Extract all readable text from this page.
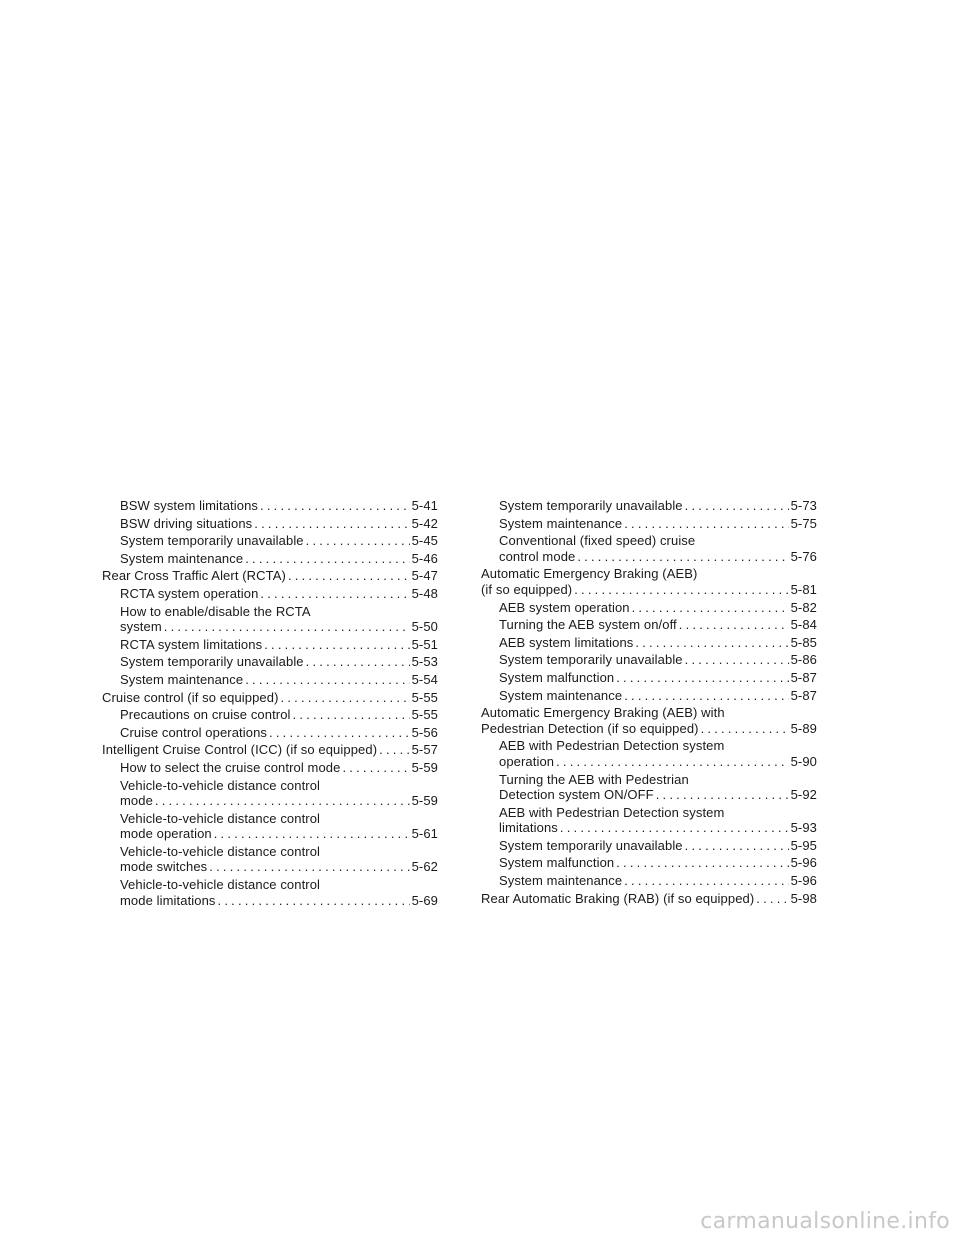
BSW system limitations .....	5-41
BSW driving situations .....	5-42
System temporarily unavailable .....	5-45
System maintenance .....	5-46
Rear Cross Traffic Alert (RCTA) .....	5-47
RCTA system operation .....	5-48
How to enable/disable the RCTA
system .....	5-50
RCTA system limitations .....	5-51
System temporarily unavailable .....	5-53
System maintenance .....	5-54
Cruise control (if so equipped) .....	5-55
Precautions on cruise control .....	5-55
Cruise control operations .....	5-56
Intelligent Cruise Control (ICC) (if so equipped) .....	5-57
How to select the cruise control mode .....	5-59
Vehicle-to-vehicle distance control
mode .....	5-59
Vehicle-to-vehicle distance control
mode operation .....	5-61
Vehicle-to-vehicle distance control
mode switches .....	5-62
Vehicle-to-vehicle distance control
mode limitations .....	5-69
System temporarily unavailable .....	5-73
System maintenance .....	5-75
Conventional (fixed speed) cruise
control mode .....	5-76
Automatic Emergency Braking (AEB)
(if so equipped) .....	5-81
AEB system operation .....	5-82
Turning the AEB system on/off .....	5-84
AEB system limitations .....	5-85
System temporarily unavailable .....	5-86
System malfunction .....	5-87
System maintenance .....	5-87
Automatic Emergency Braking (AEB) with
Pedestrian Detection (if so equipped) .....	5-89
AEB with Pedestrian Detection system
operation .....	5-90
Turning the AEB with Pedestrian
Detection system ON/OFF .....	5-92
AEB with Pedestrian Detection system
limitations .....	5-93
System temporarily unavailable .....	5-95
System malfunction .....	5-96
System maintenance .....	5-96
Rear Automatic Braking (RAB) (if so equipped) .....	5-98
carmanualsonline.info
